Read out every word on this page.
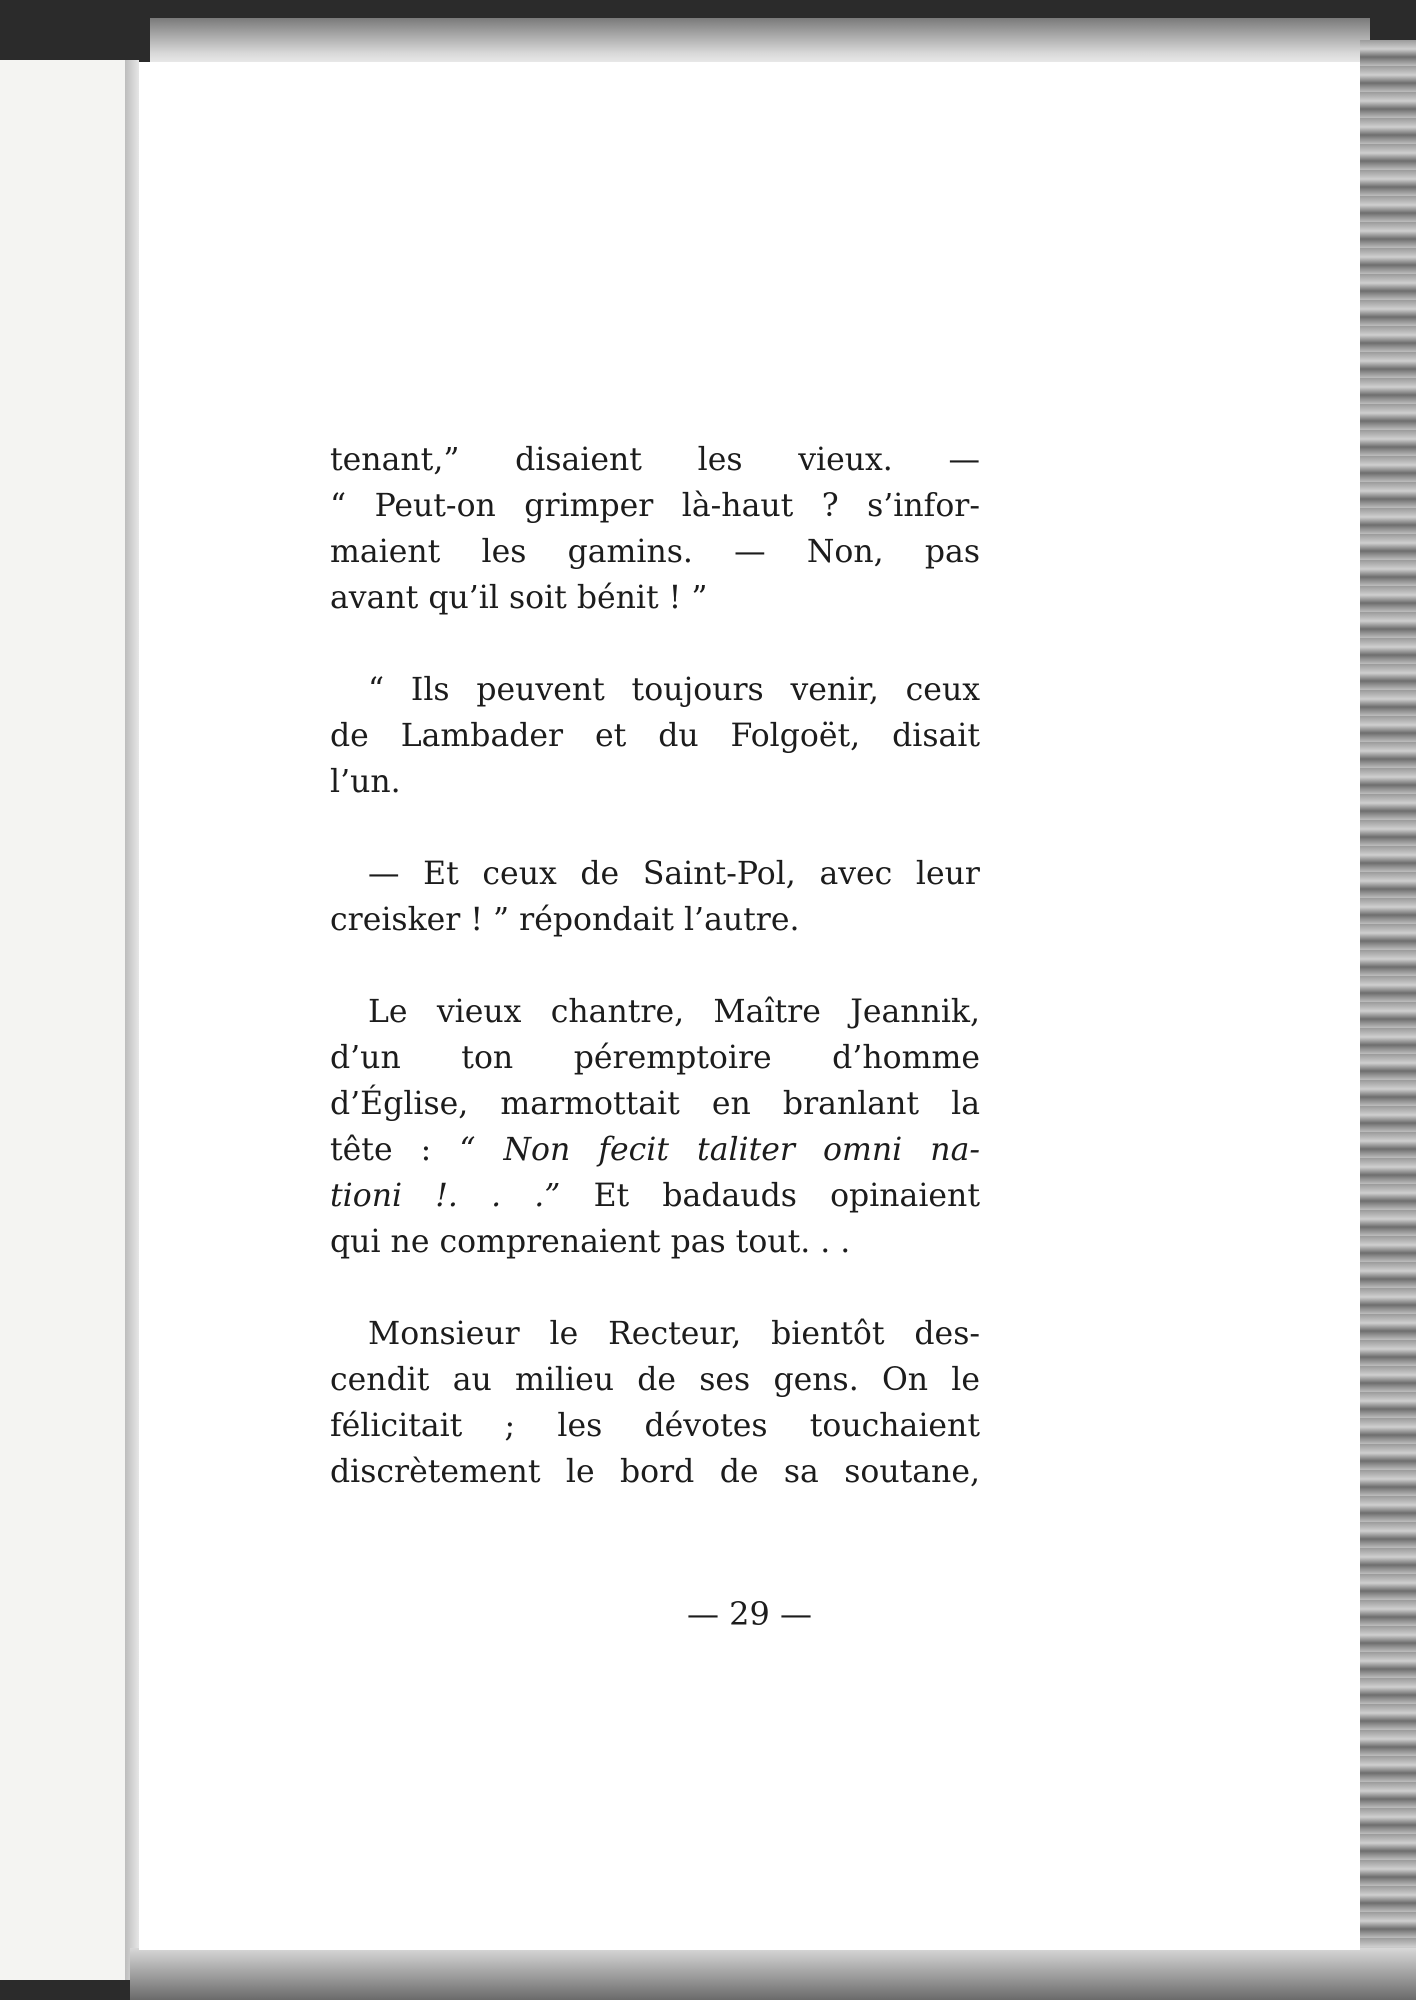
tenant,” disaient les vieux. —
“ Peut-on grimper là-haut ? s’infor-
maient les gamins. — Non, pas
avant qu’il soit bénit ! ”
“ Ils peuvent toujours venir, ceux
de Lambader et du Folgoët, disait
l’un.
— Et ceux de Saint-Pol, avec leur
creisker ! ” répondait l’autre.
Le vieux chantre, Maître Jeannik,
d’un ton péremptoire d’homme
d’Église, marmottait en branlant la
tête : “ Non fecit taliter omni na-
tioni !. . .” Et badauds opinaient
qui ne comprenaient pas tout. . .
Monsieur le Recteur, bientôt des-
cendit au milieu de ses gens. On le
félicitait ; les dévotes touchaient
discrètement le bord de sa soutane,
— 29 —
